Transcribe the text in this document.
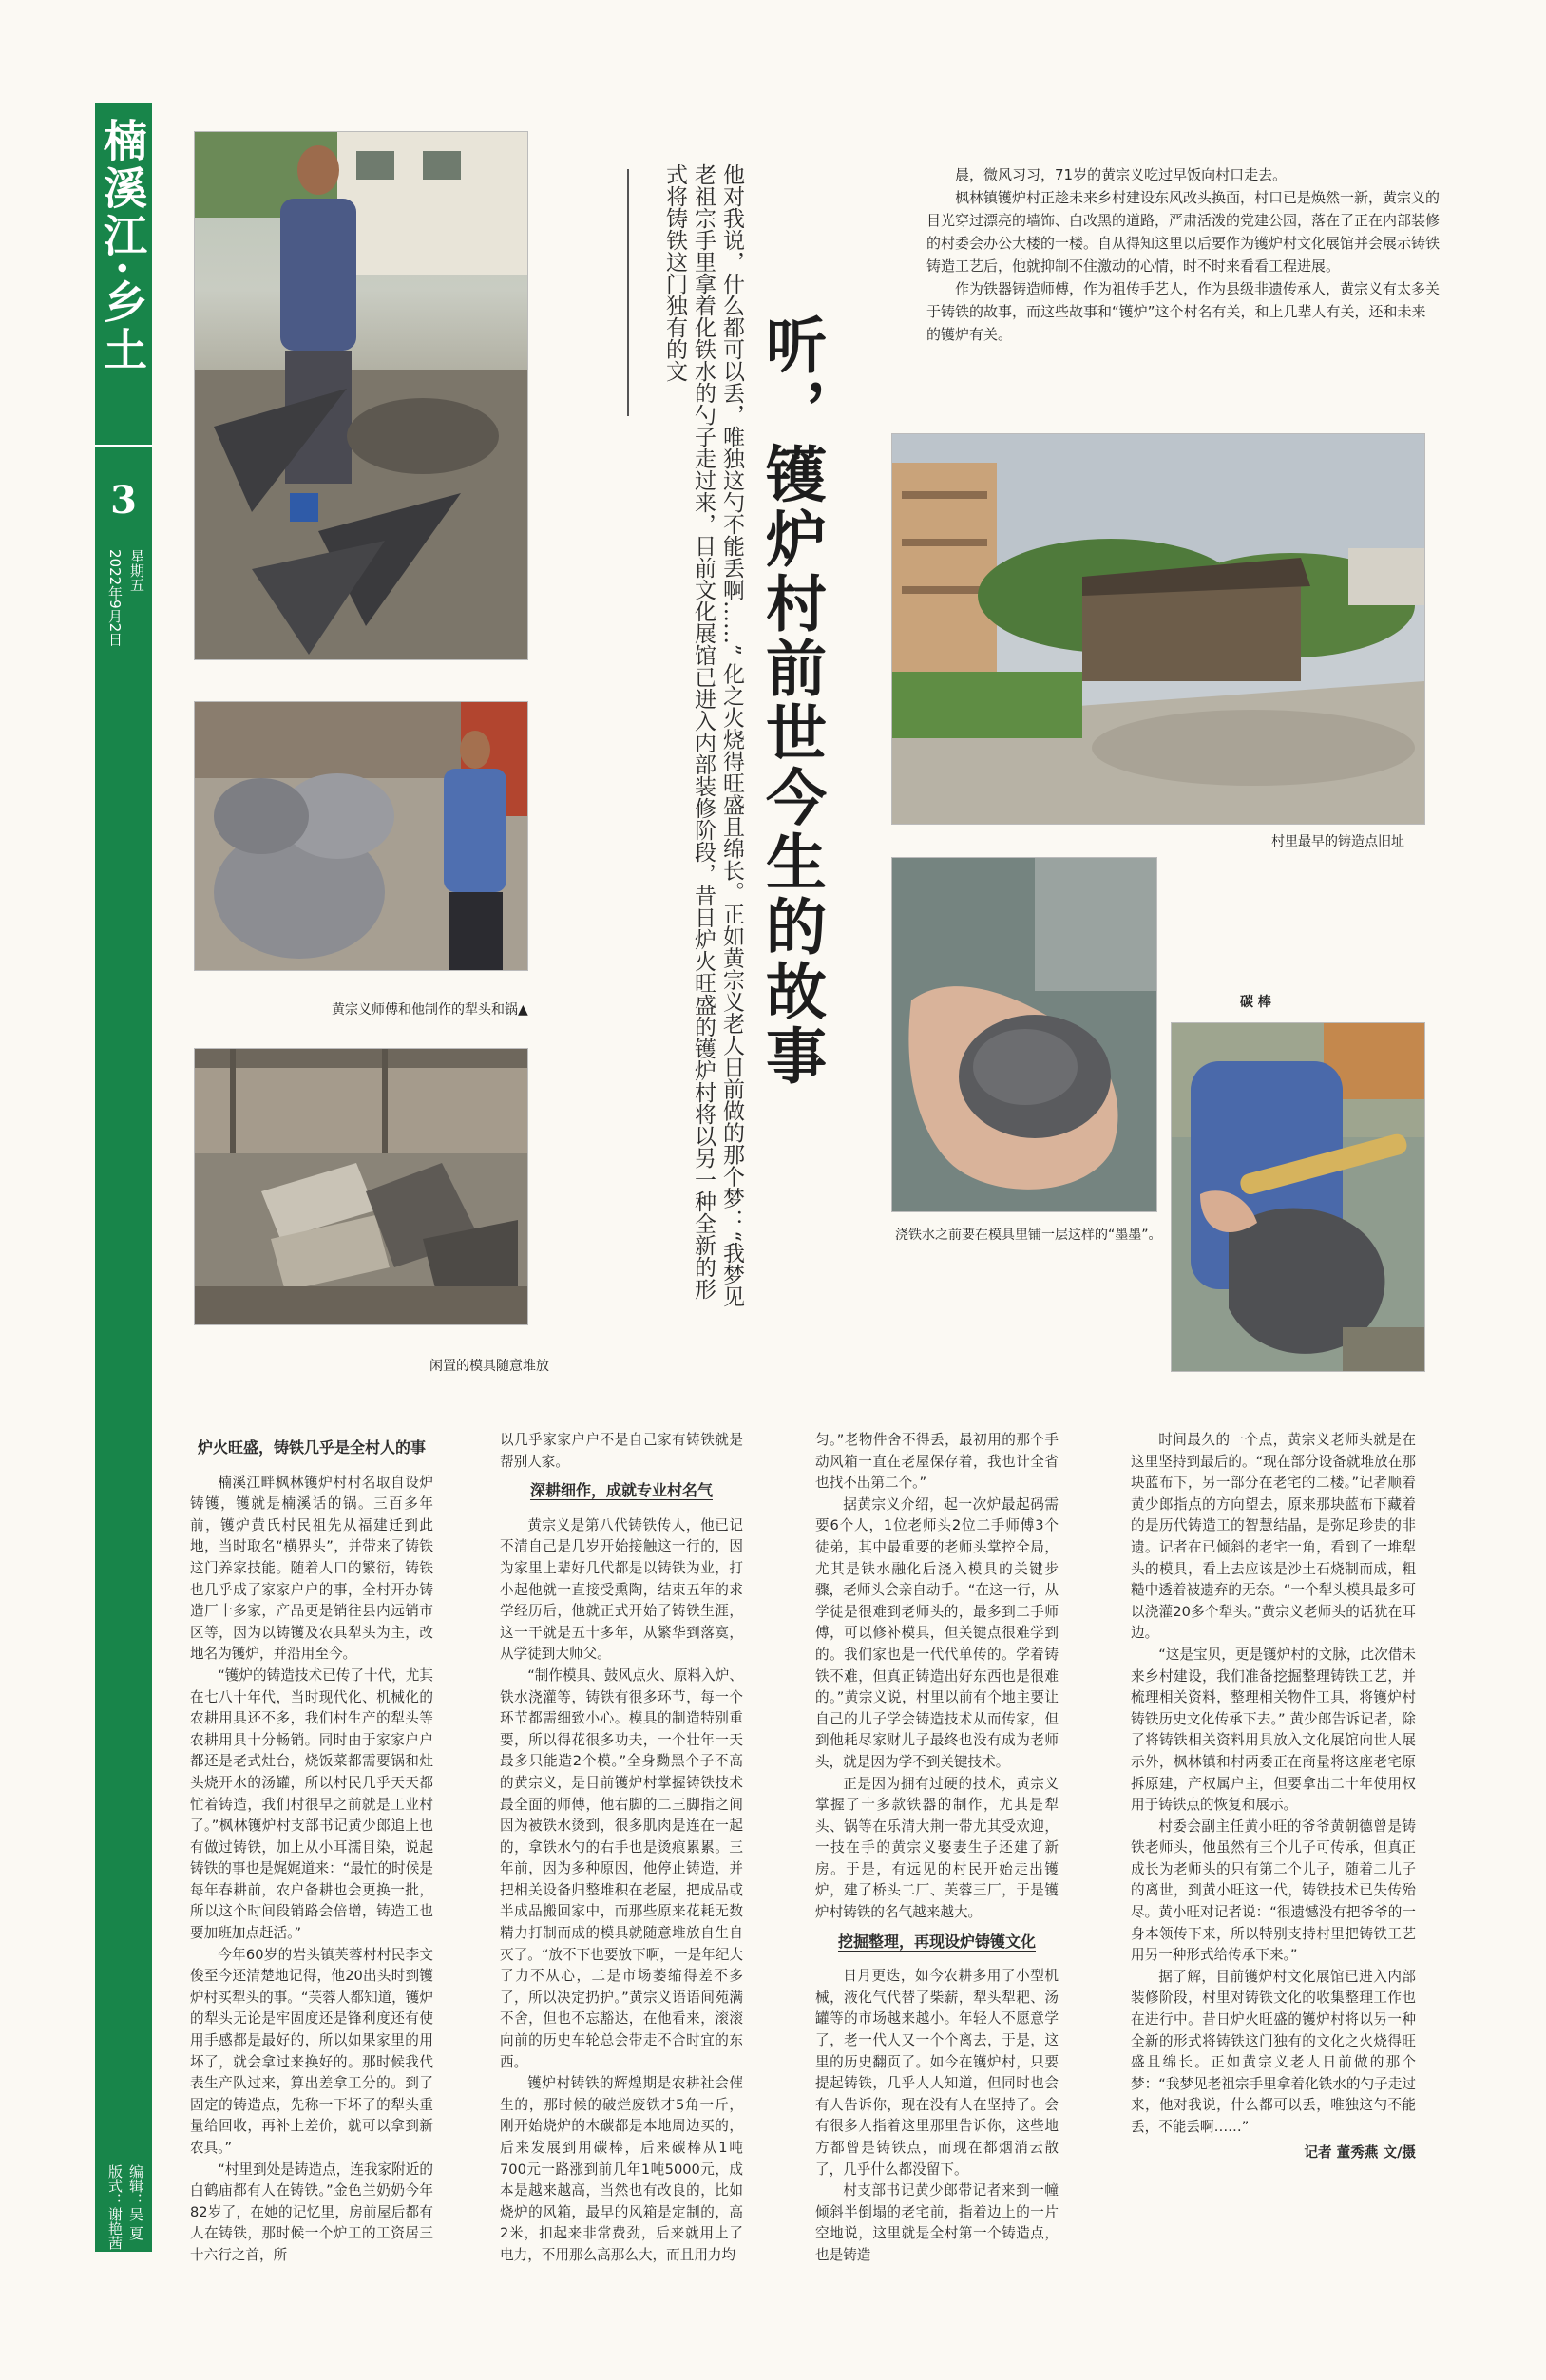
楠溪江·乡土
3
2022年9月2日 星期五
编辑：吴 夏　版式：谢艳茜
黄宗义师傅和他制作的犁头和锅▲
闲置的模具随意堆放
他对我说，什么都可以丢，唯独这勺不能丢啊……” 化之火烧得旺盛且绵长。正如黄宗义老人日前做的那个梦：“我梦见老祖宗手里拿着化铁水的勺子走过来，目前文化展馆已进入内部装修阶段，昔日炉火旺盛的镬炉村将以另一种全新的形式将铸铁这门独有的文
听，镬炉村前世今生的故事

晨，微风习习，71岁的黄宗义吃过早饭向村口走去。

枫林镇镬炉村正趁未来乡村建设东风改头换面，村口已是焕然一新，黄宗义的目光穿过漂亮的墙饰、白改黑的道路，严肃活泼的党建公园，落在了正在内部装修的村委会办公大楼的一楼。自从得知这里以后要作为镬炉村文化展馆并会展示铸铁铸造工艺后，他就抑制不住激动的心情，时不时来看看工程进展。

作为铁器铸造师傅，作为祖传手艺人，作为县级非遗传承人，黄宗义有太多关于铸铁的故事，而这些故事和“镬炉”这个村名有关，和上几辈人有关，还和未来的镬炉有关。

村里最早的铸造点旧址
浇铁水之前要在模具里铺一层这样的“墨墨”。
碳 棒
炉火旺盛，铸铁几乎是全村人的事

楠溪江畔枫林镬炉村村名取自设炉铸镬，镬就是楠溪话的锅。三百多年前，镬炉黄氏村民祖先从福建迁到此地，当时取名“横界头”，并带来了铸铁这门养家技能。随着人口的繁衍，铸铁也几乎成了家家户户的事，全村开办铸造厂十多家，产品更是销往县内远销市区等，因为以铸镬及农具犁头为主，改地名为镬炉，并沿用至今。

“镬炉的铸造技术已传了十代，尤其在七八十年代，当时现代化、机械化的农耕用具还不多，我们村生产的犁头等农耕用具十分畅销。同时由于家家户户都还是老式灶台，烧饭菜都需要锅和灶头烧开水的汤罐，所以村民几乎天天都忙着铸造，我们村很早之前就是工业村了。”枫林镬炉村支部书记黄少郎追上也有做过铸铁，加上从小耳濡目染，说起铸铁的事也是娓娓道来：“最忙的时候是每年春耕前，农户备耕也会更换一批，所以这个时间段销路会倍增，铸造工也要加班加点赶活。”

今年60岁的岩头镇芙蓉村村民李文俊至今还清楚地记得，他20出头时到镬炉村买犁头的事。“芙蓉人都知道，镬炉的犁头无论是牢固度还是锋利度还有使用手感都是最好的，所以如果家里的用坏了，就会拿过来换好的。那时候我代表生产队过来，算出差拿工分的。到了固定的铸造点，先称一下坏了的犁头重量给回收，再补上差价，就可以拿到新农具。”

“村里到处是铸造点，连我家附近的白鹤庙都有人在铸铁。”金色兰奶奶今年82岁了，在她的记忆里，房前屋后都有人在铸铁，那时候一个炉工的工资居三十六行之首，所

以几乎家家户户不是自己家有铸铁就是帮别人家。

深耕细作，成就专业村名气

黄宗义是第八代铸铁传人，他已记不清自己是几岁开始接触这一行的，因为家里上辈好几代都是以铸铁为业，打小起他就一直接受熏陶，结束五年的求学经历后，他就正式开始了铸铁生涯，这一干就是五十多年，从繁华到落寞，从学徒到大师父。

“制作模具、鼓风点火、原料入炉、铁水浇灌等，铸铁有很多环节，每一个环节都需细致小心。模具的制造特别重要，所以得花很多功夫，一个壮年一天最多只能造2个模。”全身黝黑个子不高的黄宗义，是目前镬炉村掌握铸铁技术最全面的师傅，他右脚的二三脚指之间因为被铁水烫到，很多肌肉是连在一起的，拿铁水勺的右手也是烫痕累累。三年前，因为多种原因，他停止铸造，并把相关设备归整堆积在老屋，把成品或半成品搬回家中，而那些原来花耗无数精力打制而成的模具就随意堆放自生自灭了。“放不下也要放下啊，一是年纪大了力不从心，二是市场萎缩得差不多了，所以决定扔护。”黄宗义语语间苑满不舍，但也不忘豁达，在他看来，滚滚向前的历史车轮总会带走不合时宜的东西。

镬炉村铸铁的辉煌期是农耕社会催生的，那时候的破烂废铁才5角一斤，刚开始烧炉的木碳都是本地周边买的，后来发展到用碳棒，后来碳棒从1吨700元一路涨到前几年1吨5000元，成本是越来越高，当然也有改良的，比如烧炉的风箱，最早的风箱是定制的，高2米，扣起来非常费劲，后来就用上了电力，不用那么高那么大，而且用力均

匀。”老物件舍不得丢，最初用的那个手动风箱一直在老屋保存着，我也计全省也找不出第二个。”

据黄宗义介绍，起一次炉最起码需要6个人，1位老师头2位二手师傅3个徒弟，其中最重要的老师头掌控全局，尤其是铁水融化后浇入模具的关键步骤，老师头会亲自动手。“在这一行，从学徒是很难到老师头的，最多到二手师傅，可以修补模具，但关键点很难学到的。我们家也是一代代单传的。学着铸铁不难，但真正铸造出好东西也是很难的。”黄宗义说，村里以前有个地主要让自己的儿子学会铸造技术从而传家，但到他耗尽家财儿子最终也没有成为老师头，就是因为学不到关键技术。

正是因为拥有过硬的技术，黄宗义掌握了十多款铁器的制作，尤其是犁头、锅等在乐清大荆一带尤其受欢迎，一技在手的黄宗义娶妻生子还建了新房。于是，有远见的村民开始走出镬炉，建了桥头二厂、芙蓉三厂，于是镬炉村铸铁的名气越来越大。

挖掘整理，再现设炉铸镬文化

日月更迭，如今农耕多用了小型机械，液化气代替了柴薪，犁头犁耙、汤罐等的市场越来越小。年轻人不愿意学了，老一代人又一个个离去，于是，这里的历史翻页了。如今在镬炉村，只要提起铸铁，几乎人人知道，但同时也会有人告诉你，现在没有人在坚持了。会有很多人指着这里那里告诉你，这些地方都曾是铸铁点，而现在都烟消云散了，几乎什么都没留下。

村支部书记黄少郎带记者来到一幢倾斜半倒塌的老宅前，指着边上的一片空地说，这里就是全村第一个铸造点，也是铸造

时间最久的一个点，黄宗义老师头就是在这里坚持到最后的。“现在部分设备就堆放在那块蓝布下，另一部分在老宅的二楼。”记者顺着黄少郎指点的方向望去，原来那块蓝布下藏着的是历代铸造工的智慧结晶，是弥足珍贵的非遗。记者在已倾斜的老宅一角，看到了一堆犁头的模具，看上去应该是沙土石烧制而成，粗糙中透着被遗弃的无奈。“一个犁头模具最多可以浇灌20多个犁头。”黄宗义老师头的话犹在耳边。

“这是宝贝，更是镬炉村的文脉，此次借未来乡村建设，我们准备挖掘整理铸铁工艺，并梳理相关资料，整理相关物件工具，将镬炉村铸铁历史文化传承下去。” 黄少郎告诉记者，除了将铸铁相关资料用具放入文化展馆向世人展示外，枫林镇和村两委正在商量将这座老宅原拆原建，产权属户主，但要拿出二十年使用权用于铸铁点的恢复和展示。

村委会副主任黄小旺的爷爷黄朝德曾是铸铁老师头，他虽然有三个儿子可传承，但真正成长为老师头的只有第二个儿子，随着二儿子的离世，到黄小旺这一代，铸铁技术已失传殆尽。黄小旺对记者说：“很遗憾没有把爷爷的一身本领传下来，所以特别支持村里把铸铁工艺用另一种形式给传承下来。”

据了解，目前镬炉村文化展馆已进入内部装修阶段，村里对铸铁文化的收集整理工作也在进行中。昔日炉火旺盛的镬炉村将以另一种全新的形式将铸铁这门独有的文化之火烧得旺盛且绵长。正如黄宗义老人日前做的那个梦：“我梦见老祖宗手里拿着化铁水的勺子走过来，他对我说，什么都可以丢，唯独这勺不能丢，不能丢啊……”

记者 董秀燕 文/摄
